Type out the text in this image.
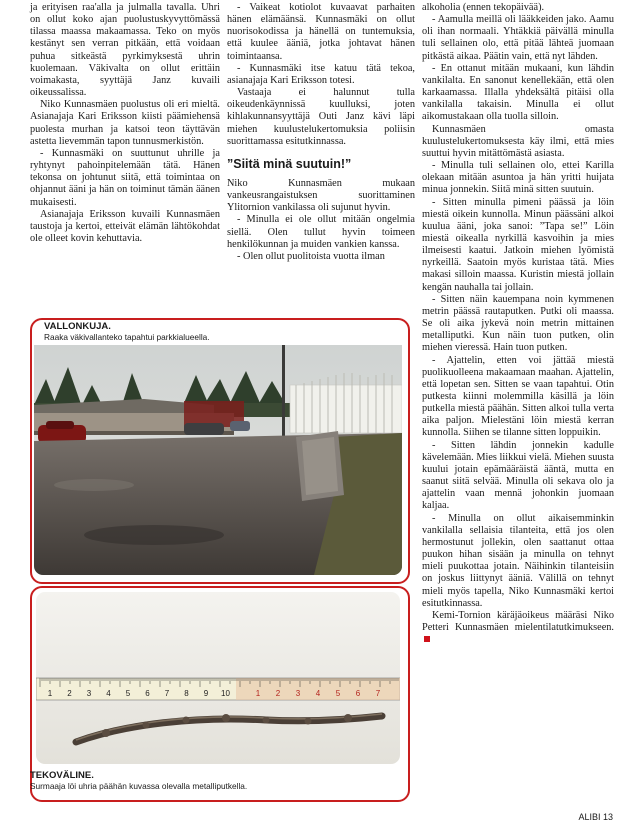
ja erityisen raa'alla ja julmalla tavalla. Uhri on ollut koko ajan puolustuskyvyttömässä tilassa maassa makaamassa. Teko on myös kestänyt sen verran pitkään, että voidaan puhua sitkeästä pyrkimyksestä uhrin kuolemaan. Väkivalta on ollut erittäin voimakasta, syyttäjä Janz kuvaili oikeussalissa.

Niko Kunnasmäen puolustus oli eri mieltä. Asianajaja Kari Eriksson kiisti päämiehensä puolesta murhan ja katsoi teon täyttävän astetta lievemmän tapon tunnusmerkistön.

- Kunnasmäki on suuttunut uhrille ja ryhtynyt pahoinpitelemään tätä. Hänen tekonsa on johtunut siitä, että toimintaa on ohjannut ääni ja hän on toiminut tämän äänen mukaisesti.

Asianajaja Eriksson kuvaili Kunnasmäen taustoja ja kertoi, etteivät elämän lähtökohdat ole olleet kovin kehuttavia.

- Vaikeat kotiolot kuvaavat parhaiten hänen elämäänsä. Kunnasmäki on ollut nuorisokodissa ja hänellä on tuntemuksia, että kuulee ääniä, jotka johtavat hänen toimintaansa.

- Kunnasmäki itse katuu tätä tekoa, asianajaja Kari Eriksson totesi.

Vastaaja ei halunnut tulla oikeudenkäynnissä kuulluksi, joten kihlakunnansyyttäjä Outi Janz kävi läpi miehen kuulustelukertomuksia poliisin suorittamassa esitutkinnassa.

”Siitä minä suutuin!”

Niko Kunnasmäen mukaan vankeusrangaistuksen suorittaminen Ylitornion vankilassa oli sujunut hyvin.

- Minulla ei ole ollut mitään ongelmia siellä. Olen tullut hyvin toimeen henkilökunnan ja muiden vankien kanssa.

- Olen ollut puolitoista vuotta ilman

alkoholia (ennen tekopäivää).

- Aamulla meillä oli lääkkeiden jako. Aamu oli ihan normaali. Yhtäkkiä päivällä minulla tuli sellainen olo, että pitää lähteä juomaan pitkästä aikaa. Päätin vain, että nyt lähden.

- En ottanut mitään mukaani, kun lähdin vankilalta. En sanonut kenellekään, että olen karkaamassa. Illalla yhdeksältä pitäisi olla vankilalla takaisin. Minulla ei ollut aikomustakaan olla tuolla silloin.

Kunnasmäen omasta kuulustelukertomuksesta käy ilmi, että mies suuttui hyvin mitättömästä asiasta.

- Minulla tuli sellainen olo, ettei Karilla olekaan mitään asuntoa ja hän yritti huijata minua jonnekin. Siitä minä sitten suutuin.

- Sitten minulla pimeni päässä ja löin miestä oikein kunnolla. Minun päässäni alkoi kuulua ääni, joka sanoi: ”Tapa se!” Löin miestä oikealla nyrkillä kasvoihin ja mies ilmeisesti kaatui. Jatkoin miehen lyömistä nyrkeillä. Saatoin myös kuristaa tätä. Mies makasi silloin maassa. Kuristin miestä jollain kengän nauhalla tai jollain.

- Sitten näin kauempana noin kymmenen metrin päässä rautaputken. Putki oli maassa. Se oli aika jykevä noin metrin mittainen metalliputki. Kun näin tuon putken, olin miehen vieressä. Hain tuon putken.

- Ajattelin, etten voi jättää miestä puolikuolleena makaamaan maahan. Ajattelin, että lopetan sen. Sitten se vaan tapahtui. Otin putkesta kiinni molemmilla käsillä ja löin putkella miestä päähän. Sitten alkoi tulla verta aika paljon. Mielestäni löin miestä kerran kunnolla. Siihen se tilanne sitten loppuikin.

- Sitten lähdin jonnekin kadulle kävelemään. Mies liikkui vielä. Miehen suusta kuului jotain epämääräistä ääntä, mutta en saanut siitä selvää. Minulla oli sekava olo ja ajattelin vaan mennä johonkin juomaan kaljaa.

- Minulla on ollut aikaisemminkin vankilalla sellaisia tilanteita, että jos olen hermostunut jollekin, olen saattanut ottaa puukon hihan sisään ja minulla on tehnyt mieli puukottaa jotain. Näihinkin tilanteisiin on joskus liittynyt ääniä. Välillä on tehnyt mieli myös tapella, Niko Kunnasmäki kertoi esitutkinnassa.

Kemi-Tornion käräjäoikeus määräsi Niko Petteri Kunnasmäen mielentilatutkimukseen.

VALLONKUJA.
Raaka väkivallanteko tapahtui parkkialueella.
1 2 3 4 5 6 7 8 9 10	1 2 3 4 5 6 7
TEKOVÄLINE.
Surmaaja löi uhria päähän kuvassa olevalla metalliputkella.
ALIBI 13
